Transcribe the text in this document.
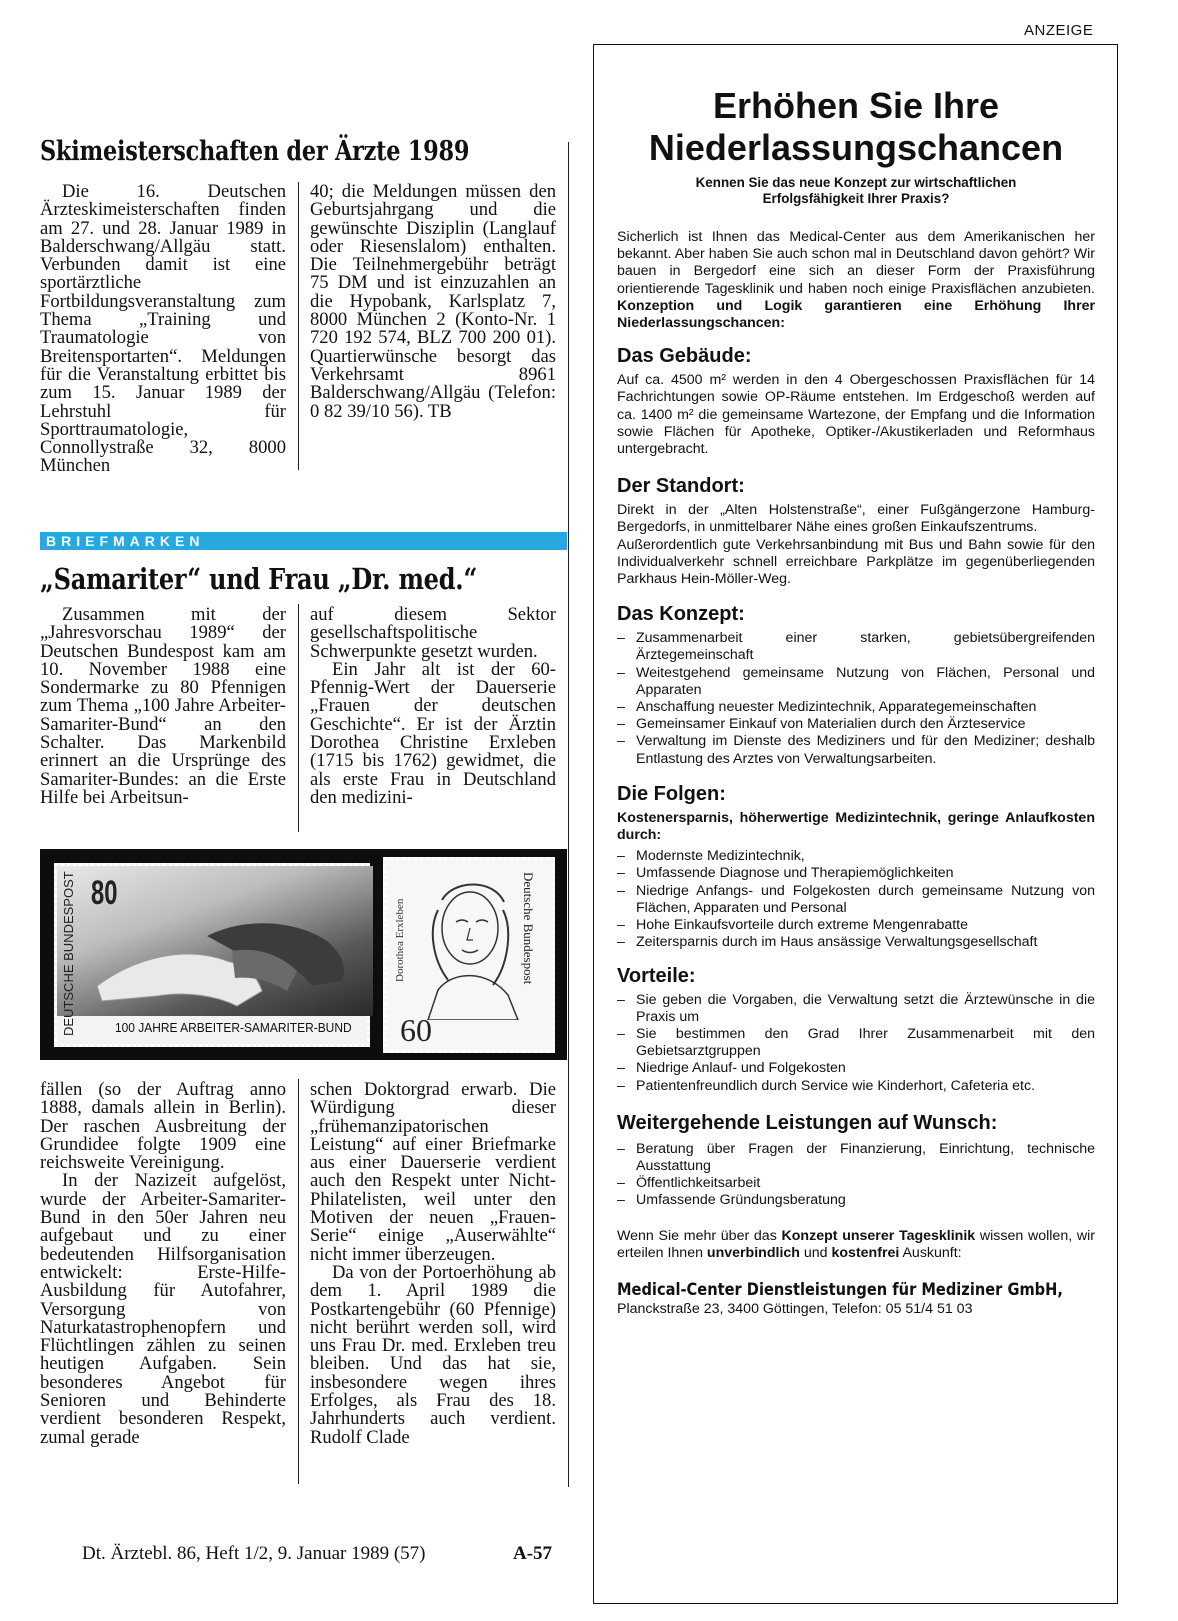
ANZEIGE
Skimeisterschaften der Ärzte 1989

Die 16. Deutschen Ärzteskimeisterschaften finden am 27. und 28. Januar 1989 in Balderschwang/Allgäu statt. Verbunden damit ist eine sportärztliche Fortbildungsveranstaltung zum Thema „Training und Traumatologie von Breitensportarten“. Meldungen für die Veranstaltung erbittet bis zum 15. Januar 1989 der Lehrstuhl für Sporttraumatologie, Connollystraße 32, 8000 München

40; die Meldungen müssen den Geburtsjahrgang und die gewünschte Disziplin (Langlauf oder Riesenslalom) enthalten. Die Teilnehmergebühr beträgt 75 DM und ist einzuzahlen an die Hypobank, Karlsplatz 7, 8000 München 2 (Konto-Nr. 1 720 192 574, BLZ 700 200 01). Quartierwünsche besorgt das Verkehrsamt 8961 Balderschwang/Allgäu (Telefon: 0 82 39/10 56). TB

BRIEFMARKEN
„Samariter“ und Frau „Dr. med.“

Zusammen mit der „Jahresvorschau 1989“ der Deutschen Bundespost kam am 10. November 1988 eine Sondermarke zu 80 Pfennigen zum Thema „100 Jahre Arbeiter-Samariter-Bund“ an den Schalter. Das Markenbild erinnert an die Ursprünge des Samariter-Bundes: an die Erste Hilfe bei Arbeitsun-

auf diesem Sektor gesellschaftspolitische Schwerpunkte gesetzt wurden.

Ein Jahr alt ist der 60-Pfennig-Wert der Dauerserie „Frauen der deutschen Geschichte“. Er ist der Ärztin Dorothea Christine Erxleben (1715 bis 1762) gewidmet, die als erste Frau in Deutschland den medizini-

80
DEUTSCHE BUNDESPOST	100 JAHRE ARBEITER-SAMARITER-BUND
Dorothea Erxleben	Deutsche Bundespost
60

fällen (so der Auftrag anno 1888, damals allein in Berlin). Der raschen Ausbreitung der Grundidee folgte 1909 eine reichsweite Vereinigung.

In der Nazizeit aufgelöst, wurde der Arbeiter-Samariter-Bund in den 50er Jahren neu aufgebaut und zu einer bedeutenden Hilfsorganisation entwickelt: Erste-Hilfe-Ausbildung für Autofahrer, Versorgung von Naturkatastrophenopfern und Flüchtlingen zählen zu seinen heutigen Aufgaben. Sein besonderes Angebot für Senioren und Behinderte verdient besonderen Respekt, zumal gerade

schen Doktorgrad erwarb. Die Würdigung dieser „frühemanzipatorischen Leistung“ auf einer Briefmarke aus einer Dauerserie verdient auch den Respekt unter Nicht-Philatelisten, weil unter den Motiven der neuen „Frauen-Serie“ einige „Auserwählte“ nicht immer überzeugen.

Da von der Portoerhöhung ab dem 1. April 1989 die Postkartengebühr (60 Pfennige) nicht berührt werden soll, wird uns Frau Dr. med. Erxleben treu bleiben. Und das hat sie, insbesondere wegen ihres Erfolges, als Frau des 18. Jahrhunderts auch verdient. Rudolf Clade

Dt. Ärztebl. 86, Heft 1/2, 9. Januar 1989 (57)	A-57
Erhöhen Sie Ihre Niederlassungschancen
Kennen Sie das neue Konzept zur wirtschaftlichen Erfolgsfähigkeit Ihrer Praxis?
Sicherlich ist Ihnen das Medical-Center aus dem Amerikanischen her bekannt. Aber haben Sie auch schon mal in Deutschland davon gehört? Wir bauen in Bergedorf eine sich an dieser Form der Praxisführung orientierende Tagesklinik und haben noch einige Praxisflächen anzubieten. Konzeption und Logik garantieren eine Erhöhung Ihrer Niederlassungschancen:
Das Gebäude:
Auf ca. 4500 m² werden in den 4 Obergeschossen Praxisflächen für 14 Fachrichtungen sowie OP-Räume entstehen. Im Erdgeschoß werden auf ca. 1400 m² die gemeinsame Wartezone, der Empfang und die Information sowie Flächen für Apotheke, Optiker-/Akustikerladen und Reformhaus untergebracht.
Der Standort:
Direkt in der „Alten Holstenstraße“, einer Fußgängerzone Hamburg-Bergedorfs, in unmittelbarer Nähe eines großen Einkaufszentrums.
Außerordentlich gute Verkehrsanbindung mit Bus und Bahn sowie für den Individualverkehr schnell erreichbare Parkplätze im gegenüberliegenden Parkhaus Hein-Möller-Weg.
Das Konzept:
– Zusammenarbeit einer starken, gebietsübergreifenden Ärztegemeinschaft
– Weitestgehend gemeinsame Nutzung von Flächen, Personal und Apparaten
– Anschaffung neuester Medizintechnik, Apparategemeinschaften
– Gemeinsamer Einkauf von Materialien durch den Ärzteservice
– Verwaltung im Dienste des Mediziners und für den Mediziner; deshalb Entlastung des Arztes von Verwaltungsarbeiten.
Die Folgen:
Kostenersparnis, höherwertige Medizintechnik, geringe Anlaufkosten durch:
– Modernste Medizintechnik,
– Umfassende Diagnose und Therapiemöglichkeiten
– Niedrige Anfangs- und Folgekosten durch gemeinsame Nutzung von Flächen, Apparaten und Personal
– Hohe Einkaufsvorteile durch extreme Mengenrabatte
– Zeitersparnis durch im Haus ansässige Verwaltungsgesellschaft
Vorteile:
– Sie geben die Vorgaben, die Verwaltung setzt die Ärztewünsche in die Praxis um
– Sie bestimmen den Grad Ihrer Zusammenarbeit mit den Gebietsarztgruppen
– Niedrige Anlauf- und Folgekosten
– Patientenfreundlich durch Service wie Kinderhort, Cafeteria etc.
Weitergehende Leistungen auf Wunsch:
– Beratung über Fragen der Finanzierung, Einrichtung, technische Ausstattung
– Öffentlichkeitsarbeit
– Umfassende Gründungsberatung
Wenn Sie mehr über das Konzept unserer Tagesklinik wissen wollen, wir erteilen Ihnen unverbindlich und kostenfrei Auskunft:
Medical-Center Dienstleistungen für Mediziner GmbH,
Planckstraße 23, 3400 Göttingen, Telefon: 05 51/4 51 03
